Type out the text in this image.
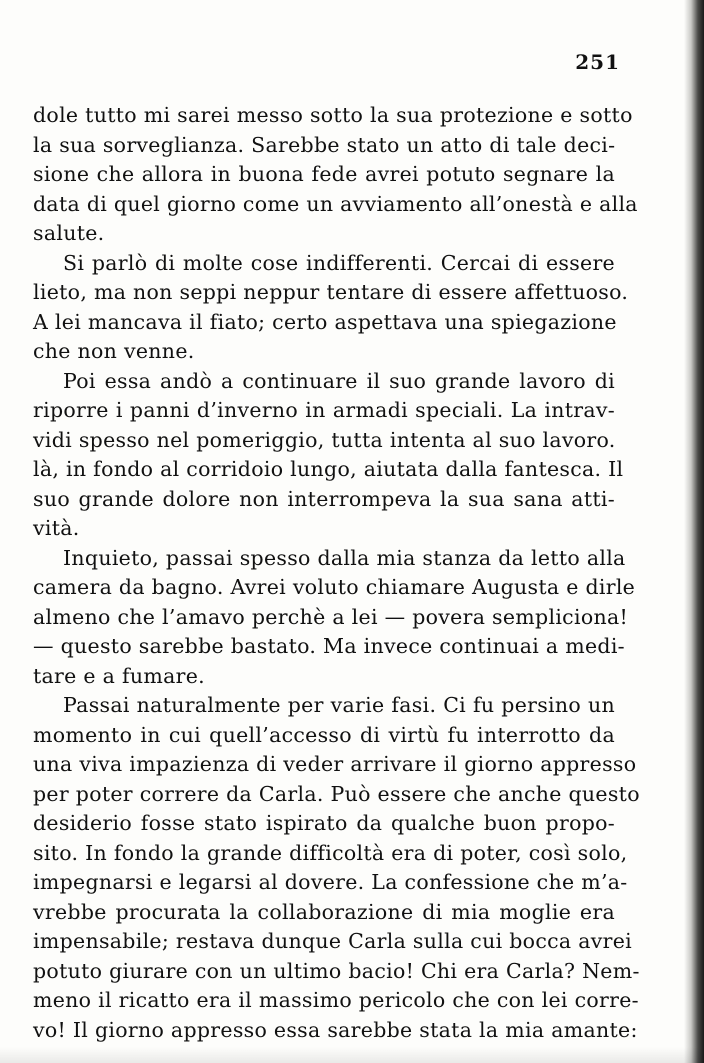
251
dole tutto mi sarei messo sotto la sua protezione e sotto
la sua sorveglianza. Sarebbe stato un atto di tale deci-
sione che allora in buona fede avrei potuto segnare la
data di quel giorno come un avviamento all’onestà e alla
salute.
Si parlò di molte cose indifferenti. Cercai di essere
lieto, ma non seppi neppur tentare di essere affettuoso.
A lei mancava il fiato; certo aspettava una spiegazione
che non venne.
Poi essa andò a continuare il suo grande lavoro di
riporre i panni d’inverno in armadi speciali. La intrav-
vidi spesso nel pomeriggio, tutta intenta al suo lavoro.
là, in fondo al corridoio lungo, aiutata dalla fantesca. Il
suo grande dolore non interrompeva la sua sana atti-
vità.
Inquieto, passai spesso dalla mia stanza da letto alla
camera da bagno. Avrei voluto chiamare Augusta e dirle
almeno che l’amavo perchè a lei — povera sempliciona!
— questo sarebbe bastato. Ma invece continuai a medi-
tare e a fumare.
Passai naturalmente per varie fasi. Ci fu persino un
momento in cui quell’accesso di virtù fu interrotto da
una viva impazienza di veder arrivare il giorno appresso
per poter correre da Carla. Può essere che anche questo
desiderio fosse stato ispirato da qualche buon propo-
sito. In fondo la grande difficoltà era di poter, così solo,
impegnarsi e legarsi al dovere. La confessione che m’a-
vrebbe procurata la collaborazione di mia moglie era
impensabile; restava dunque Carla sulla cui bocca avrei
potuto giurare con un ultimo bacio! Chi era Carla? Nem-
meno il ricatto era il massimo pericolo che con lei corre-
vo! Il giorno appresso essa sarebbe stata la mia amante:
